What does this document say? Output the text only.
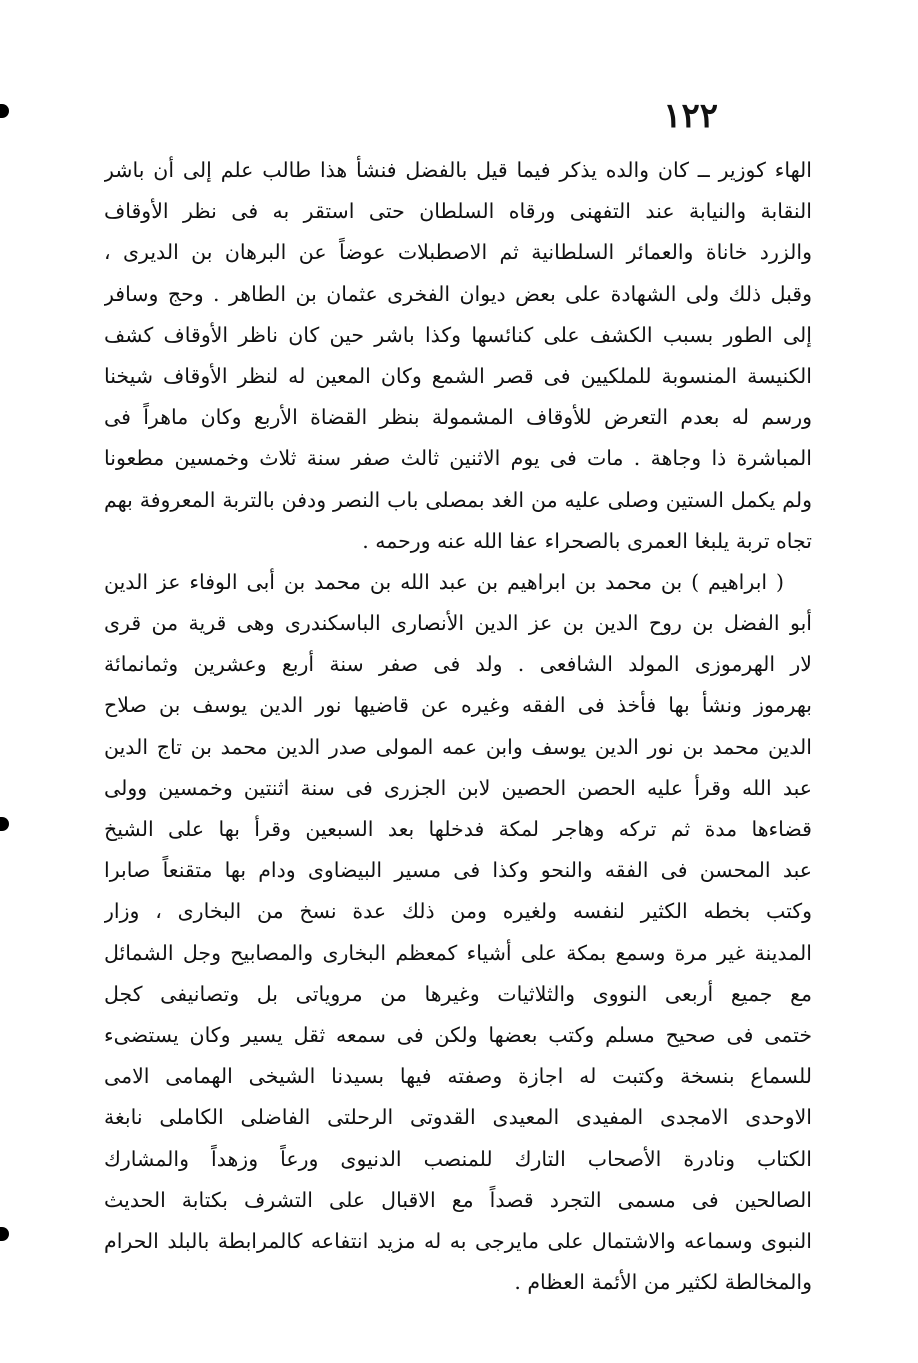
١٢٢
الهاء كوزير ــ كان والده يذكر فيما قيل بالفضل فنشأ هذا طالب علم إلى أن باشر
النقابة والنيابة عند التفهنى ورقاه السلطان حتى استقر به فى نظر الأوقاف
والزرد خاناة والعمائر السلطانية ثم الاصطبلات عوضاً عن البرهان بن الديرى ،
وقبل ذلك ولى الشهادة على بعض ديوان الفخرى عثمان بن الطاهر . وحج وسافر
إلى الطور بسبب الكشف على كنائسها وكذا باشر حين كان ناظر الأوقاف كشف
الكنيسة المنسوبة للملكيين فى قصر الشمع وكان المعين له لنظر الأوقاف شيخنا
ورسم له بعدم التعرض للأوقاف المشمولة بنظر القضاة الأربع وكان ماهراً فى
المباشرة ذا وجاهة . مات فى يوم الاثنين ثالث صفر سنة ثلاث وخمسين مطعونا
ولم يكمل الستين وصلى عليه من الغد بمصلى باب النصر ودفن بالتربة المعروفة بهم
تجاه تربة يلبغا العمرى بالصحراء عفا الله عنه ورحمه .
( ابراهيم ) بن محمد بن ابراهيم بن عبد الله بن محمد بن أبى الوفاء عز الدين
أبو الفضل بن روح الدين بن عز الدين الأنصارى الباسكندرى وهى قرية من قرى
لار الهرموزى المولد الشافعى . ولد فى صفر سنة أربع وعشرين وثمانمائة
بهرموز ونشأ بها فأخذ فى الفقه وغيره عن قاضيها نور الدين يوسف بن صلاح
الدين محمد بن نور الدين يوسف وابن عمه المولى صدر الدين محمد بن تاج الدين
عبد الله وقرأ عليه الحصن الحصين لابن الجزرى فى سنة اثنتين وخمسين وولى
قضاءها مدة ثم تركه وهاجر لمكة فدخلها بعد السبعين وقرأ بها على الشيخ
عبد المحسن فى الفقه والنحو وكذا فى مسير البيضاوى ودام بها متقنعاً صابرا
وكتب بخطه الكثير لنفسه ولغيره ومن ذلك عدة نسخ من البخارى ، وزار
المدينة غير مرة وسمع بمكة على أشياء كمعظم البخارى والمصابيح وجل الشمائل
مع جميع أربعى النووى والثلاثيات وغيرها من مروياتى بل وتصانيفى كجل
ختمى فى صحيح مسلم وكتب بعضها ولكن فى سمعه ثقل يسير وكان يستضىء
للسماع بنسخة وكتبت له اجازة وصفته فيها بسيدنا الشيخى الهمامى الامى
الاوحدى الامجدى المفيدى المعيدى القدوتى الرحلتى الفاضلى الكاملى نابغة
الكتاب ونادرة الأصحاب التارك للمنصب الدنيوى ورعاً وزهداً والمشارك
الصالحين فى مسمى التجرد قصداً مع الاقبال على التشرف بكتابة الحديث
النبوى وسماعه والاشتمال على مايرجى به له مزيد انتفاعه كالمرابطة بالبلد الحرام
والمخالطة لكثير من الأئمة العظام .
